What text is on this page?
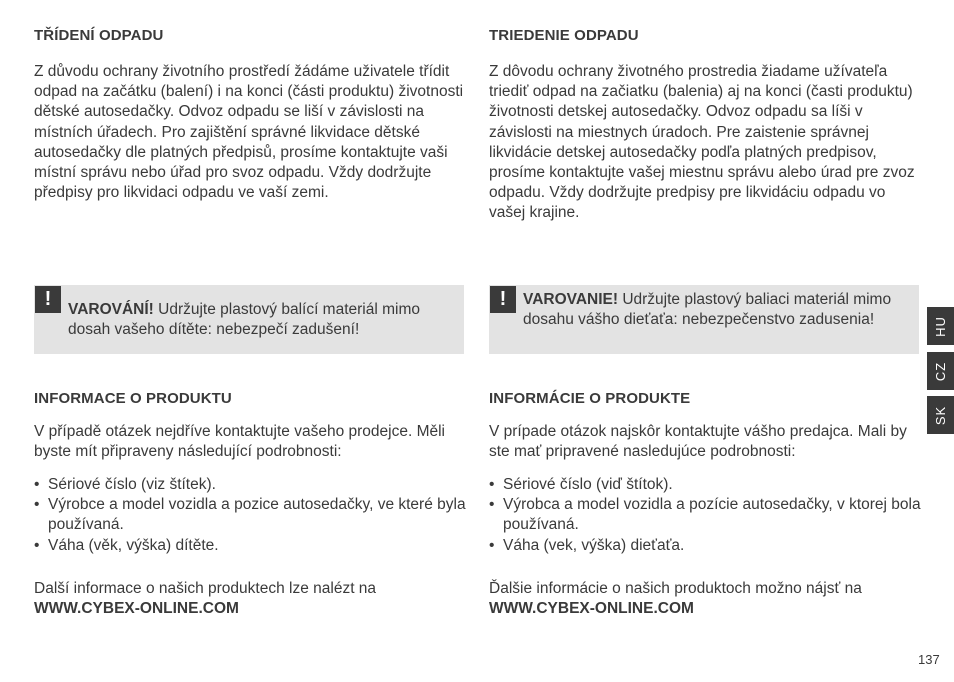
TŘÍDENÍ ODPADU

Z důvodu ochrany životního prostředí žádáme uživatele třídit odpad na začátku (balení) i na konci (části produktu) životnosti dětské autosedačky. Odvoz odpadu se liší v závislosti na místních úřadech. Pro zajištění správné likvidace dětské autosedačky dle platných předpisů, prosíme kontaktujte vaši místní správu nebo úřad pro svoz odpadu. Vždy dodržujte předpisy pro likvidaci odpadu ve vaší zemi.

!	VAROVÁNÍ! Udržujte plastový balící materiál mimo dosah vašeho dítěte: nebezpečí zadušení!

INFORMACE O PRODUKTU

V případě otázek nejdříve kontaktujte vašeho prodejce. Měli byste mít připraveny následující podrobnosti:

• Sériové číslo (viz štítek).
• Výrobce a model vozidla a pozice autosedačky, ve které byla používaná.
• Váha (věk, výška) dítěte.

Další informace o našich produktech lze nalézt na
WWW.CYBEX-ONLINE.COM

TRIEDENIE ODPADU

Z dôvodu ochrany životného prostredia žiadame užívateľa triediť odpad na začiatku (balenia) aj na konci (časti produktu) životnosti detskej autosedačky. Odvoz odpadu sa líši v závislosti na miestnych úradoch. Pre zaistenie správnej likvidácie detskej autosedačky podľa platných predpisov, prosíme kontaktujte vašej miestnu správu alebo úrad pre zvoz odpadu. Vždy dodržujte predpisy pre likvidáciu odpadu vo vašej krajine.

!	VAROVANIE! Udržujte plastový baliaci materiál mimo dosahu vášho dieťaťa: nebezpečenstvo zadusenia!

INFORMÁCIE O PRODUKTE

V prípade otázok najskôr kontaktujte vášho predajca. Mali by ste mať pripravené nasledujúce podrobnosti:

• Sériové číslo (viď štítok).
• Výrobca a model vozidla a pozície autosedačky, v ktorej bola používaná.
• Váha (vek, výška) dieťaťa.

Ďalšie informácie o našich produktoch možno nájsť na
WWW.CYBEX-ONLINE.COM

HU
CZ
SK
137
